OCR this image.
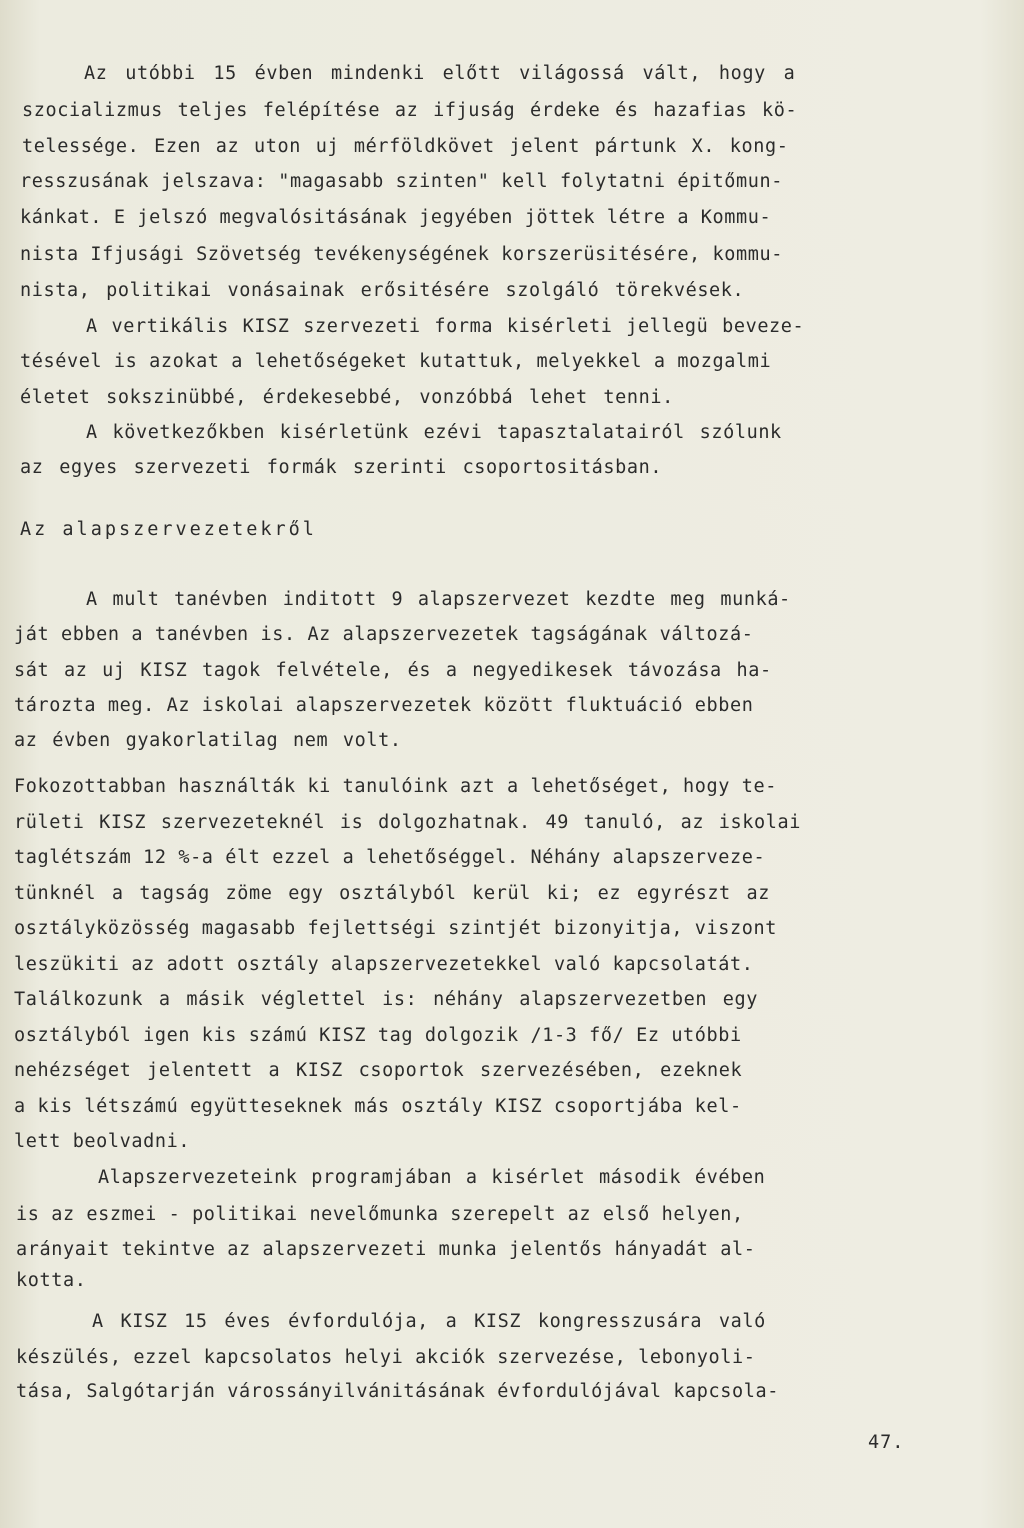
Az utóbbi 15 évben mindenki előtt világossá vált, hogy a
szocializmus teljes felépítése az ifjuság érdeke és hazafias kö-
telessége. Ezen az uton uj mérföldkövet jelent pártunk X. kong-
resszusának jelszava: "magasabb szinten" kell folytatni épitőmun-
kánkat. E jelszó megvalósitásának jegyében jöttek létre a Kommu-
nista Ifjusági Szövetség tevékenységének korszerüsitésére, kommu-
nista, politikai vonásainak erősitésére szolgáló törekvések.
A vertikális KISZ szervezeti forma kisérleti jellegü beveze-
tésével is azokat a lehetőségeket kutattuk, melyekkel a mozgalmi
életet sokszinübbé, érdekesebbé, vonzóbbá lehet tenni.
A következőkben kisérletünk ezévi tapasztalatairól szólunk
az egyes szervezeti formák szerinti csoportositásban.
Az alapszervezetekről
A mult tanévben inditott 9 alapszervezet kezdte meg munká-
ját ebben a tanévben is. Az alapszervezetek tagságának változá-
sát az uj KISZ tagok felvétele, és a negyedikesek távozása ha-
tározta meg. Az iskolai alapszervezetek között fluktuáció ebben
az évben gyakorlatilag nem volt.
Fokozottabban használták ki tanulóink azt a lehetőséget, hogy te-
rületi KISZ szervezeteknél is dolgozhatnak. 49 tanuló, az iskolai
taglétszám 12 %-a élt ezzel a lehetőséggel. Néhány alapszerveze-
tünknél a tagság zöme egy osztályból kerül ki; ez egyrészt az
osztályközösség magasabb fejlettségi szintjét bizonyitja, viszont
leszükiti az adott osztály alapszervezetekkel való kapcsolatát.
Találkozunk a másik véglettel is: néhány alapszervezetben egy
osztályból igen kis számú KISZ tag dolgozik /1-3 fő/ Ez utóbbi
nehézséget jelentett a KISZ csoportok szervezésében, ezeknek
a kis létszámú együtteseknek más osztály KISZ csoportjába kel-
lett beolvadni.
Alapszervezeteink programjában a kisérlet második évében
is az eszmei - politikai nevelőmunka szerepelt az első helyen,
arányait tekintve az alapszervezeti munka jelentős hányadát al-
kotta.
A KISZ 15 éves évfordulója, a KISZ kongresszusára való
készülés, ezzel kapcsolatos helyi akciók szervezése, lebonyoli-
tása, Salgótarján várossányilvánitásának évfordulójával kapcsola-
47.
